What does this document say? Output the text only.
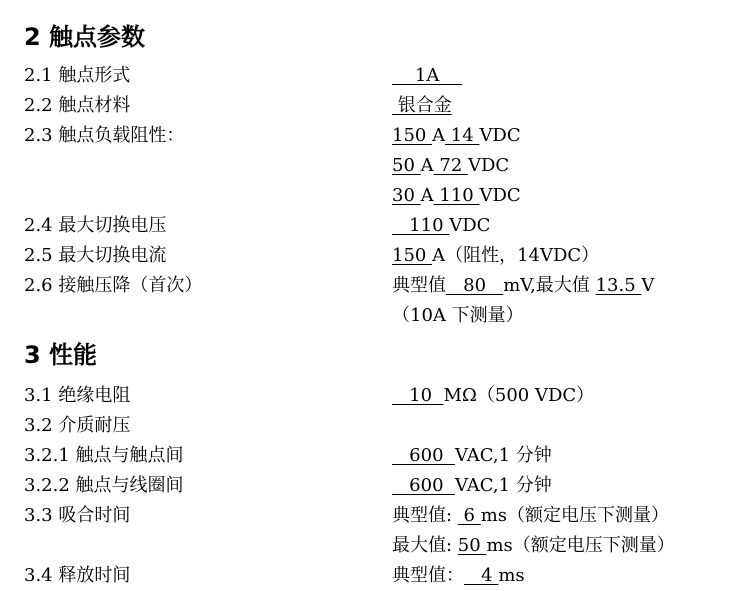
2 触点参数
2.1 触点形式	1A
2.2 触点材料	银合金
2.3 触点负载阻性：	150 A 14 VDC
50 A 72 VDC
30 A 110 VDC
2.4 最大切换电压	110 VDC
2.5 最大切换电流	150 A（阻性，14VDC）
2.6 接触压降（首次）	典型值   80   mV,最大值 13.5 V
（10A 下测量）
3 性能
3.1 绝缘电阻	10  MΩ（500 VDC）
3.2 介质耐压
3.2.1 触点与触点间	600  VAC,1 分钟
3.2.2 触点与线圈间	600  VAC,1 分钟
3.3 吸合时间	典型值:  6 ms（额定电压下测量）
最大值: 50 ms（额定电压下测量）
3.4 释放时间	典型值：   4 ms
